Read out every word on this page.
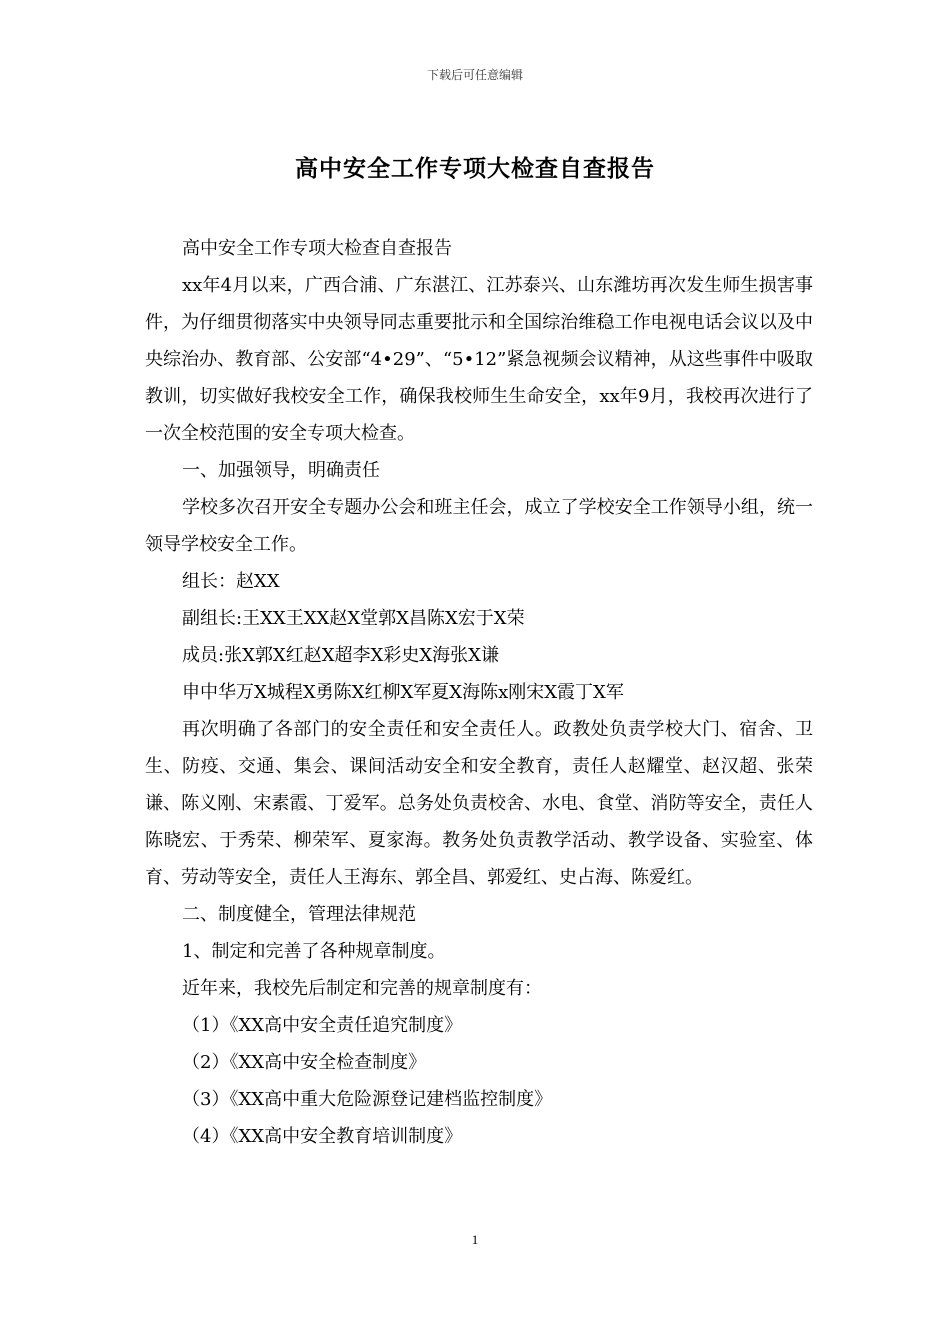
下载后可任意编辑
高中安全工作专项大检查自查报告

高中安全工作专项大检查自查报告

xx年4月以来，广西合浦、广东湛江、江苏泰兴、山东潍坊再次发生师生损害事件，为仔细贯彻落实中央领导同志重要批示和全国综治维稳工作电视电话会议以及中央综治办、教育部、公安部“4•29”、“5•12”紧急视频会议精神，从这些事件中吸取教训，切实做好我校安全工作，确保我校师生生命安全，xx年9月，我校再次进行了一次全校范围的安全专项大检查。

一、加强领导，明确责任

学校多次召开安全专题办公会和班主任会，成立了学校安全工作领导小组，统一领导学校安全工作。

组长：赵XX

副组长:王XX王XX赵X堂郭X昌陈X宏于X荣

成员:张X郭X红赵X超李X彩史X海张X谦

申中华万X城程X勇陈X红柳X军夏X海陈x刚宋X霞丁X军

再次明确了各部门的安全责任和安全责任人。政教处负责学校大门、宿舍、卫生、防疫、交通、集会、课间活动安全和安全教育，责任人赵耀堂、赵汉超、张荣谦、陈义刚、宋素霞、丁爱军。总务处负责校舍、水电、食堂、消防等安全，责任人陈晓宏、于秀荣、柳荣军、夏家海。教务处负责教学活动、教学设备、实验室、体育、劳动等安全，责任人王海东、郭全昌、郭爱红、史占海、陈爱红。

二、制度健全，管理法律规范

1、制定和完善了各种规章制度。

近年来，我校先后制定和完善的规章制度有：

（1）《XX高中安全责任追究制度》

（2）《XX高中安全检查制度》

（3）《XX高中重大危险源登记建档监控制度》

（4）《XX高中安全教育培训制度》

1
